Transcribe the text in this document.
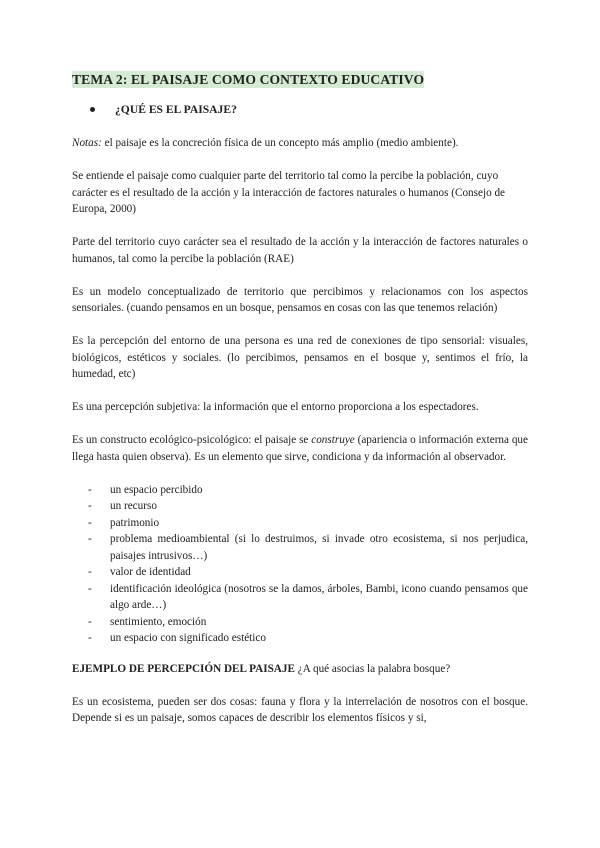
TEMA 2: EL PAISAJE COMO CONTEXTO EDUCATIVO
¿QUÉ ES EL PAISAJE?

Notas: el paisaje es la concreción física de un concepto más amplio (medio ambiente).

Se entiende el paisaje como cualquier parte del territorio tal como la percibe la población, cuyo carácter es el resultado de la acción y la interacción de factores naturales o humanos (Consejo de Europa, 2000)

Parte del territorio cuyo carácter sea el resultado de la acción y la interacción de factores naturales o humanos, tal como la percibe la población (RAE)

Es un modelo conceptualizado de territorio que percibimos y relacionamos con los aspectos sensoriales. (cuando pensamos en un bosque, pensamos en cosas con las que tenemos relación)

Es la percepción del entorno de una persona es una red de conexiones de tipo sensorial: visuales, biológicos, estéticos y sociales. (lo percibimos, pensamos en el bosque y, sentimos el frío, la humedad, etc)

Es una percepción subjetiva: la información que el entorno proporciona a los espectadores.

Es un constructo ecológico-psicológico: el paisaje se construye (apariencia o información externa que llega hasta quien observa). Es un elemento que sirve, condiciona y da información al observador.

- un espacio percibido
- un recurso
- patrimonio
- problema medioambiental (si lo destruimos, si invade otro ecosistema, si nos perjudica, paisajes intrusivos…)
- valor de identidad
- identificación ideológica (nosotros se la damos, árboles, Bambi, icono cuando pensamos que algo arde…)
- sentimiento, emoción
- un espacio con significado estético

EJEMPLO DE PERCEPCIÓN DEL PAISAJE ¿A qué asocias la palabra bosque?

Es un ecosistema, pueden ser dos cosas: fauna y flora y la interrelación de nosotros con el bosque. Depende si es un paisaje, somos capaces de describir los elementos físicos y si,
